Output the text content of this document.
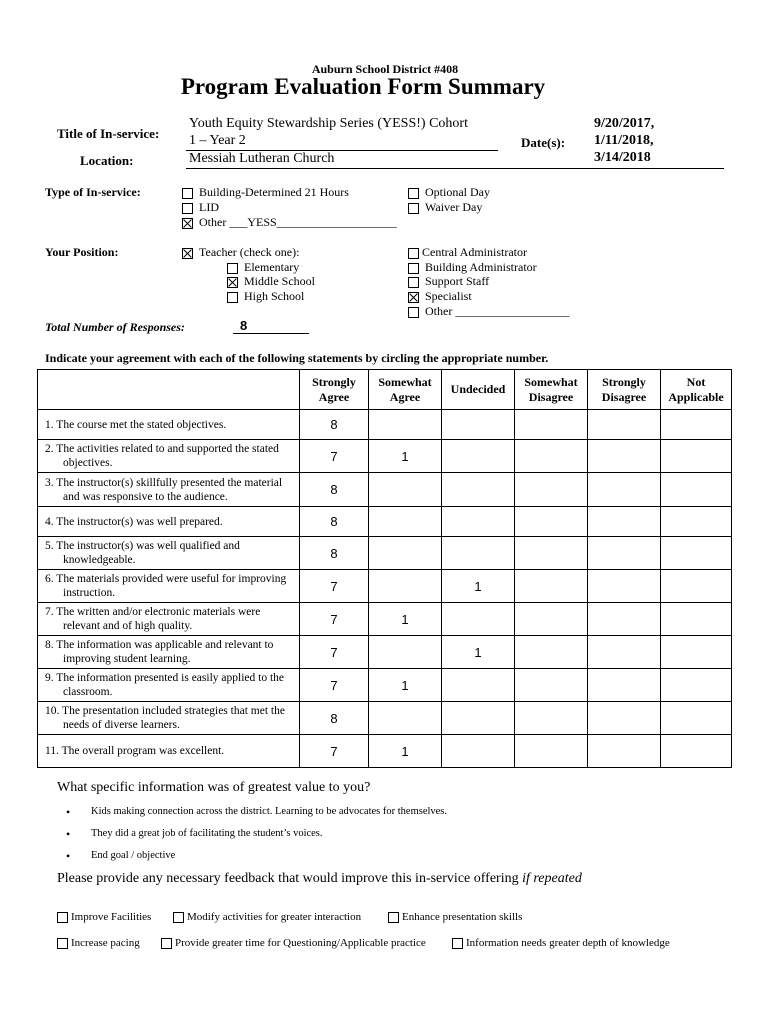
Auburn School District #408
Program Evaluation Form Summary
Title of In-service:
Youth Equity Stewardship Series (YESS!) Cohort
1 – Year 2	Date(s):
9/20/2017,
1/11/2018,
3/14/2018
Location:	Messiah Lutheran Church
Type of In-service:	Building-Determined 21 Hours
LID
Other ___YESS____________________
Optional Day
Waiver Day
Your Position:	Teacher (check one):
Elementary
Middle School
High School
Central Administrator
Building Administrator
Support Staff
Specialist
Other ___________________
Total Number of Responses:	8
Indicate your agreement with each of the following statements by circling the appropriate number.
	Strongly Agree	Somewhat Agree	Undecided	Somewhat Disagree	Strongly Disagree	Not Applicable

1. The course met the stated objectives.	8					

2. The activities related to and supported the stated objectives.	7	1				

3. The instructor(s) skillfully presented the material and was responsive to the audience.	8					

4. The instructor(s) was well prepared.	8					

5. The instructor(s) was well qualified and knowledgeable.	8					

6. The materials provided were useful for improving instruction.	7		1			

7. The written and/or electronic materials were relevant and of high quality.	7	1				

8. The information was applicable and relevant to improving student learning.	7		1			

9. The information presented is easily applied to the classroom.	7	1				

10. The presentation included strategies that met the needs of diverse learners.	8					

11. The overall program was excellent.	7	1				
What specific information was of greatest value to you?
• Kids making connection across the district. Learning to be advocates for themselves.
• They did a great job of facilitating the student’s voices.
• End goal / objective
Please provide any necessary feedback that would improve this in-service offering if repeated
Improve Facilities	Modify activities for greater interaction	Enhance presentation skills
Increase pacing	Provide greater time for Questioning/Applicable practice	Information needs greater depth of knowledge
